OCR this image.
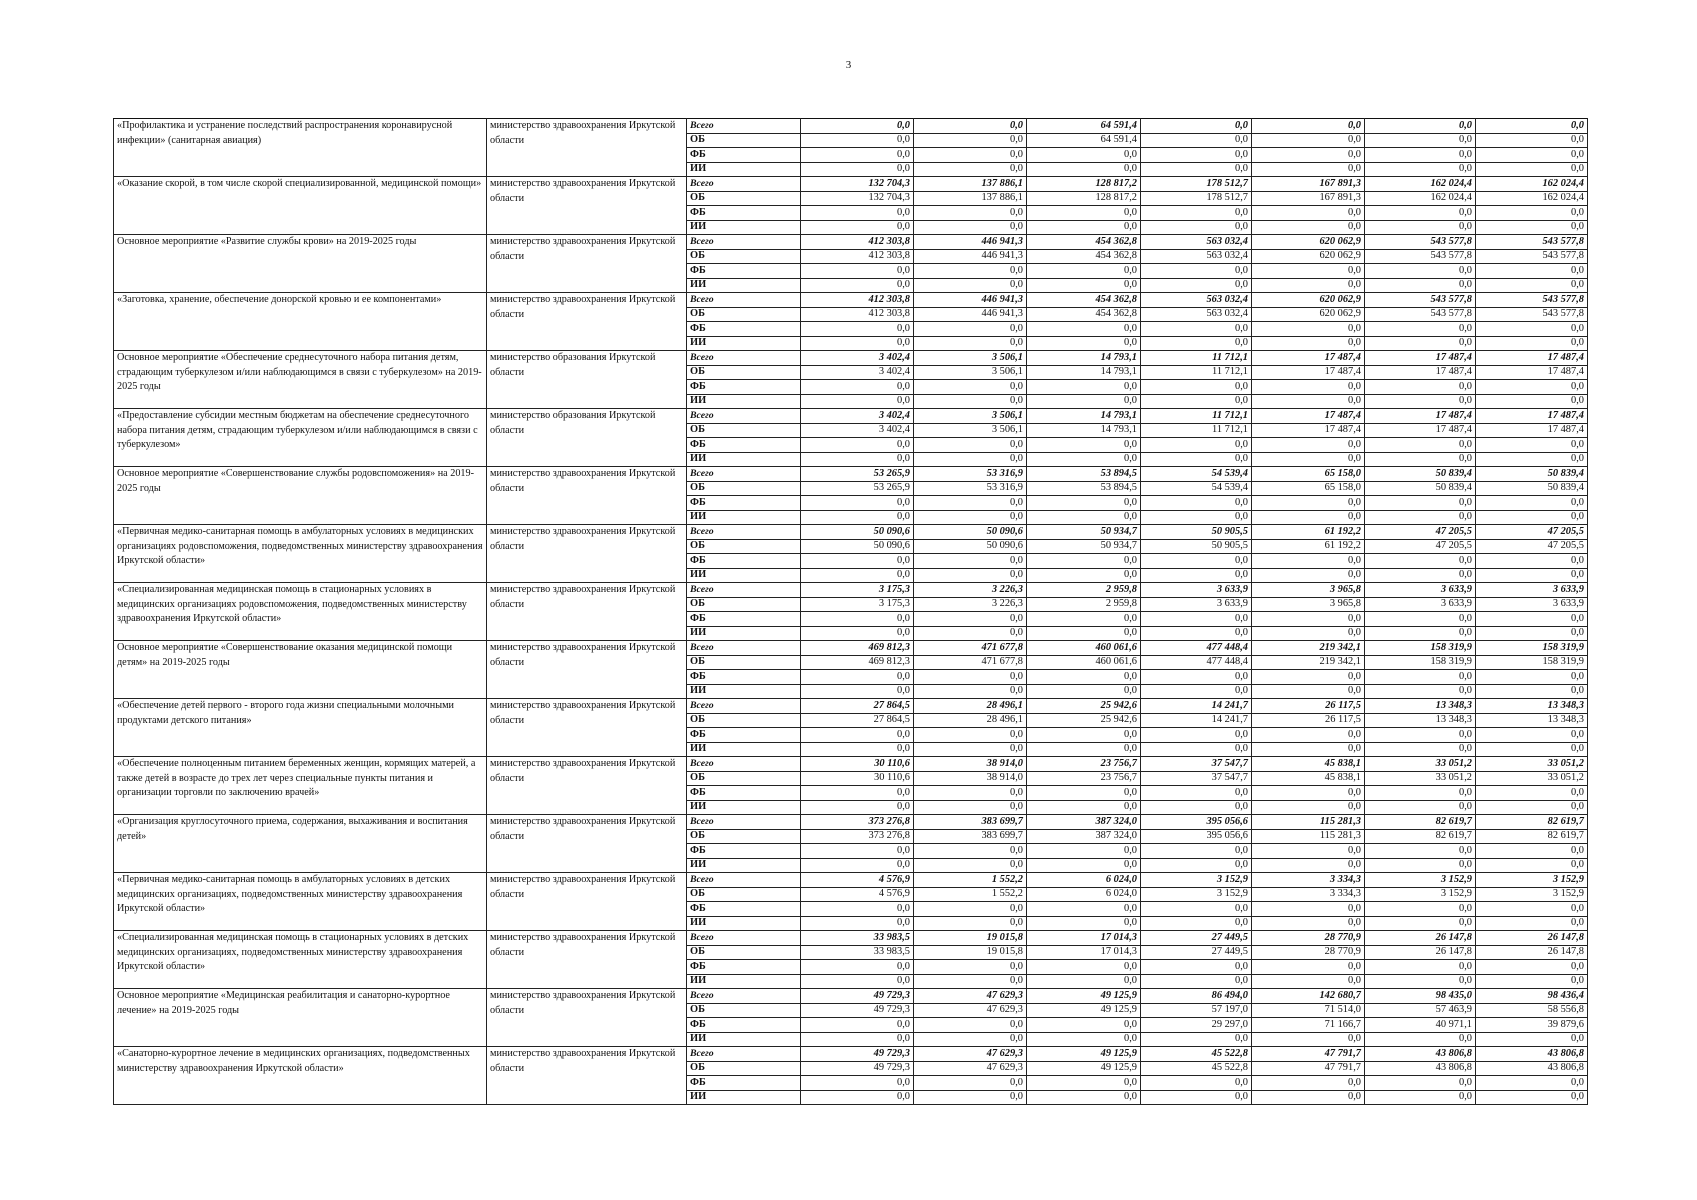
3
«Профилактика и устранение последствий распространения коронавирусной инфекции» (санитарная авиация)	министерство здравоохранения Иркутской области	Всего	0,0	0,0	64 591,4	0,0	0,0	0,0	0,0
		ОБ	0,0	0,0	64 591,4	0,0	0,0	0,0	0,0
		ФБ	0,0	0,0	0,0	0,0	0,0	0,0	0,0
		ИИ	0,0	0,0	0,0	0,0	0,0	0,0	0,0
«Оказание скорой, в том числе скорой специализированной, медицинской помощи»	министерство здравоохранения Иркутской области	Всего	132 704,3	137 886,1	128 817,2	178 512,7	167 891,3	162 024,4	162 024,4
		ОБ	132 704,3	137 886,1	128 817,2	178 512,7	167 891,3	162 024,4	162 024,4
		ФБ	0,0	0,0	0,0	0,0	0,0	0,0	0,0
		ИИ	0,0	0,0	0,0	0,0	0,0	0,0	0,0
Основное мероприятие «Развитие службы крови» на 2019-2025 годы	министерство здравоохранения Иркутской области	Всего	412 303,8	446 941,3	454 362,8	563 032,4	620 062,9	543 577,8	543 577,8
		ОБ	412 303,8	446 941,3	454 362,8	563 032,4	620 062,9	543 577,8	543 577,8
		ФБ	0,0	0,0	0,0	0,0	0,0	0,0	0,0
		ИИ	0,0	0,0	0,0	0,0	0,0	0,0	0,0
«Заготовка, хранение, обеспечение донорской кровью и ее компонентами»	министерство здравоохранения Иркутской области	Всего	412 303,8	446 941,3	454 362,8	563 032,4	620 062,9	543 577,8	543 577,8
		ОБ	412 303,8	446 941,3	454 362,8	563 032,4	620 062,9	543 577,8	543 577,8
		ФБ	0,0	0,0	0,0	0,0	0,0	0,0	0,0
		ИИ	0,0	0,0	0,0	0,0	0,0	0,0	0,0
Основное мероприятие «Обеспечение среднесуточного набора питания детям, страдающим туберкулезом и/или наблюдающимся в связи с туберкулезом» на 2019-2025 годы	министерство образования Иркутской области	Всего	3 402,4	3 506,1	14 793,1	11 712,1	17 487,4	17 487,4	17 487,4
		ОБ	3 402,4	3 506,1	14 793,1	11 712,1	17 487,4	17 487,4	17 487,4
		ФБ	0,0	0,0	0,0	0,0	0,0	0,0	0,0
		ИИ	0,0	0,0	0,0	0,0	0,0	0,0	0,0
«Предоставление субсидии местным бюджетам на обеспечение среднесуточного набора питания детям, страдающим туберкулезом и/или наблюдающимся в связи с туберкулезом»	министерство образования Иркутской области	Всего	3 402,4	3 506,1	14 793,1	11 712,1	17 487,4	17 487,4	17 487,4
		ОБ	3 402,4	3 506,1	14 793,1	11 712,1	17 487,4	17 487,4	17 487,4
		ФБ	0,0	0,0	0,0	0,0	0,0	0,0	0,0
		ИИ	0,0	0,0	0,0	0,0	0,0	0,0	0,0
Основное мероприятие «Совершенствование службы родовспоможения» на 2019-2025 годы	министерство здравоохранения Иркутской области	Всего	53 265,9	53 316,9	53 894,5	54 539,4	65 158,0	50 839,4	50 839,4
		ОБ	53 265,9	53 316,9	53 894,5	54 539,4	65 158,0	50 839,4	50 839,4
		ФБ	0,0	0,0	0,0	0,0	0,0	0,0	0,0
		ИИ	0,0	0,0	0,0	0,0	0,0	0,0	0,0
«Первичная медико-санитарная помощь в амбулаторных условиях в медицинских организациях родовспоможения, подведомственных министерству здравоохранения Иркутской области»	министерство здравоохранения Иркутской области	Всего	50 090,6	50 090,6	50 934,7	50 905,5	61 192,2	47 205,5	47 205,5
		ОБ	50 090,6	50 090,6	50 934,7	50 905,5	61 192,2	47 205,5	47 205,5
		ФБ	0,0	0,0	0,0	0,0	0,0	0,0	0,0
		ИИ	0,0	0,0	0,0	0,0	0,0	0,0	0,0
«Специализированная медицинская помощь в стационарных условиях в медицинских организациях родовспоможения, подведомственных министерству здравоохранения Иркутской области»	министерство здравоохранения Иркутской области	Всего	3 175,3	3 226,3	2 959,8	3 633,9	3 965,8	3 633,9	3 633,9
		ОБ	3 175,3	3 226,3	2 959,8	3 633,9	3 965,8	3 633,9	3 633,9
		ФБ	0,0	0,0	0,0	0,0	0,0	0,0	0,0
		ИИ	0,0	0,0	0,0	0,0	0,0	0,0	0,0
Основное мероприятие «Совершенствование оказания медицинской помощи детям» на 2019-2025 годы	министерство здравоохранения Иркутской области	Всего	469 812,3	471 677,8	460 061,6	477 448,4	219 342,1	158 319,9	158 319,9
		ОБ	469 812,3	471 677,8	460 061,6	477 448,4	219 342,1	158 319,9	158 319,9
		ФБ	0,0	0,0	0,0	0,0	0,0	0,0	0,0
		ИИ	0,0	0,0	0,0	0,0	0,0	0,0	0,0
«Обеспечение детей первого - второго года жизни специальными молочными продуктами детского питания»	министерство здравоохранения Иркутской области	Всего	27 864,5	28 496,1	25 942,6	14 241,7	26 117,5	13 348,3	13 348,3
		ОБ	27 864,5	28 496,1	25 942,6	14 241,7	26 117,5	13 348,3	13 348,3
		ФБ	0,0	0,0	0,0	0,0	0,0	0,0	0,0
		ИИ	0,0	0,0	0,0	0,0	0,0	0,0	0,0
«Обеспечение полноценным питанием беременных женщин, кормящих матерей, а также детей в возрасте до трех лет через специальные пункты питания и организации торговли по заключению врачей»	министерство здравоохранения Иркутской области	Всего	30 110,6	38 914,0	23 756,7	37 547,7	45 838,1	33 051,2	33 051,2
		ОБ	30 110,6	38 914,0	23 756,7	37 547,7	45 838,1	33 051,2	33 051,2
		ФБ	0,0	0,0	0,0	0,0	0,0	0,0	0,0
		ИИ	0,0	0,0	0,0	0,0	0,0	0,0	0,0
«Организация круглосуточного приема, содержания, выхаживания и воспитания детей»	министерство здравоохранения Иркутской области	Всего	373 276,8	383 699,7	387 324,0	395 056,6	115 281,3	82 619,7	82 619,7
		ОБ	373 276,8	383 699,7	387 324,0	395 056,6	115 281,3	82 619,7	82 619,7
		ФБ	0,0	0,0	0,0	0,0	0,0	0,0	0,0
		ИИ	0,0	0,0	0,0	0,0	0,0	0,0	0,0
«Первичная медико-санитарная помощь в амбулаторных условиях в детских медицинских организациях, подведомственных министерству здравоохранения Иркутской области»	министерство здравоохранения Иркутской области	Всего	4 576,9	1 552,2	6 024,0	3 152,9	3 334,3	3 152,9	3 152,9
		ОБ	4 576,9	1 552,2	6 024,0	3 152,9	3 334,3	3 152,9	3 152,9
		ФБ	0,0	0,0	0,0	0,0	0,0	0,0	0,0
		ИИ	0,0	0,0	0,0	0,0	0,0	0,0	0,0
«Специализированная медицинская помощь в стационарных условиях в детских медицинских организациях, подведомственных министерству здравоохранения Иркутской области»	министерство здравоохранения Иркутской области	Всего	33 983,5	19 015,8	17 014,3	27 449,5	28 770,9	26 147,8	26 147,8
		ОБ	33 983,5	19 015,8	17 014,3	27 449,5	28 770,9	26 147,8	26 147,8
		ФБ	0,0	0,0	0,0	0,0	0,0	0,0	0,0
		ИИ	0,0	0,0	0,0	0,0	0,0	0,0	0,0
Основное мероприятие «Медицинская реабилитация и санаторно-курортное лечение» на 2019-2025 годы	министерство здравоохранения Иркутской области	Всего	49 729,3	47 629,3	49 125,9	86 494,0	142 680,7	98 435,0	98 436,4
		ОБ	49 729,3	47 629,3	49 125,9	57 197,0	71 514,0	57 463,9	58 556,8
		ФБ	0,0	0,0	0,0	29 297,0	71 166,7	40 971,1	39 879,6
		ИИ	0,0	0,0	0,0	0,0	0,0	0,0	0,0
«Санаторно-курортное лечение в медицинских организациях, подведомственных министерству здравоохранения Иркутской области»	министерство здравоохранения Иркутской области	Всего	49 729,3	47 629,3	49 125,9	45 522,8	47 791,7	43 806,8	43 806,8
		ОБ	49 729,3	47 629,3	49 125,9	45 522,8	47 791,7	43 806,8	43 806,8
		ФБ	0,0	0,0	0,0	0,0	0,0	0,0	0,0
		ИИ	0,0	0,0	0,0	0,0	0,0	0,0	0,0
